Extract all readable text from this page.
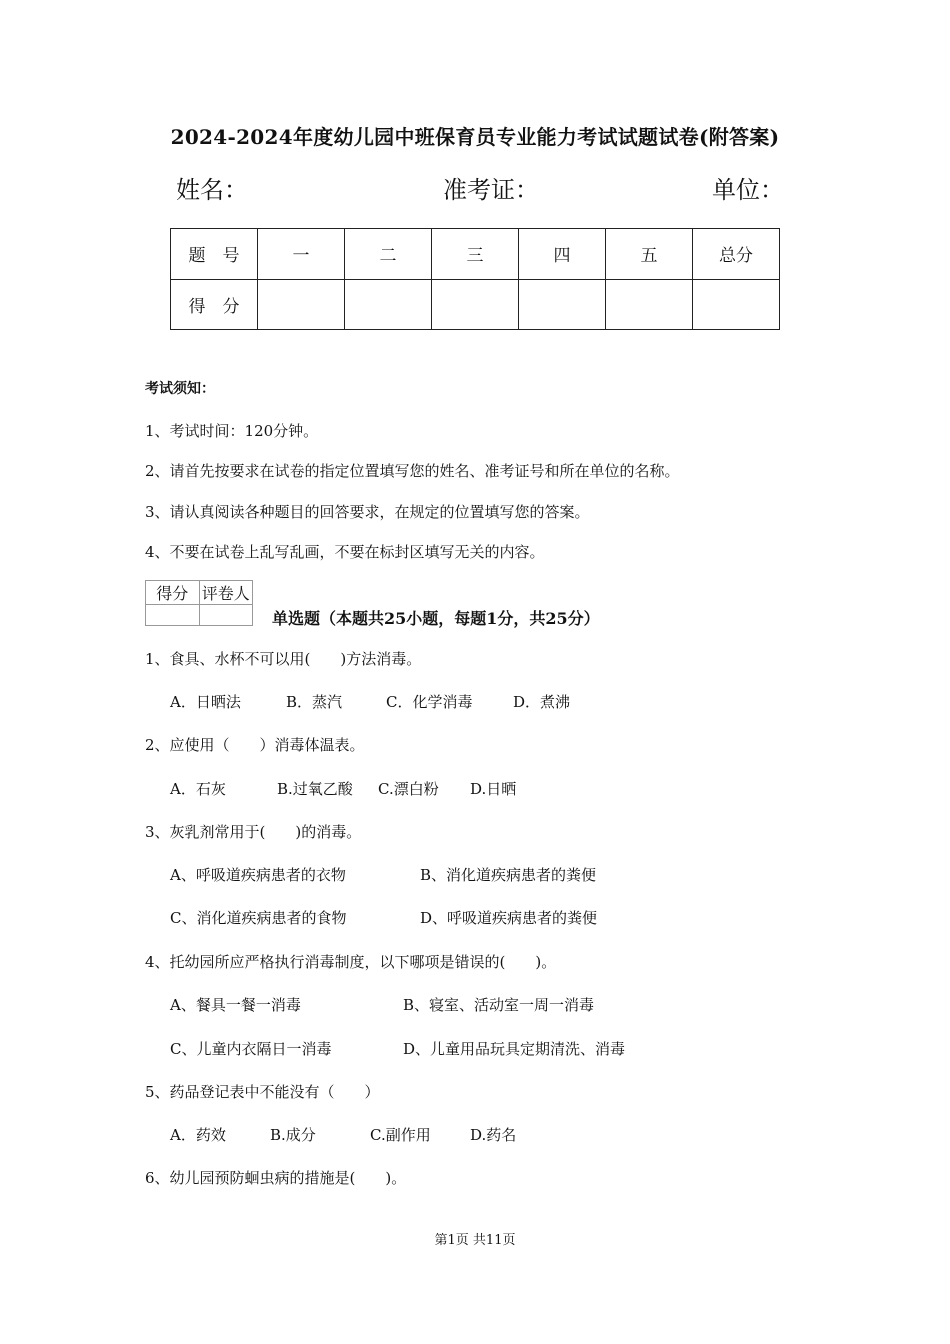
2024-2024年度幼儿园中班保育员专业能力考试试题试卷(附答案)
姓名：	准考证：	单位：
题　号	一	二	三	四	五	总分
得　分						
考试须知：
1、考试时间：120分钟。
2、请首先按要求在试卷的指定位置填写您的姓名、准考证号和所在单位的名称。
3、请认真阅读各种题目的回答要求，在规定的位置填写您的答案。
4、不要在试卷上乱写乱画，不要在标封区填写无关的内容。
得分	评卷人

单选题（本题共25小题，每题1分，共25分）
1、食具、水杯不可以用(　　)方法消毒。
A．日晒法	B．蒸汽	C．化学消毒	D．煮沸
2、应使用（　　）消毒体温表。
A．石灰	B.过氧乙酸 C.漂白粉 D.日晒
3、灰乳剂常用于(　　)的消毒。
A、呼吸道疾病患者的衣物	B、消化道疾病患者的粪便
C、消化道疾病患者的食物	D、呼吸道疾病患者的粪便
4、托幼园所应严格执行消毒制度，以下哪项是错误的(　　)。
A、餐具一餐一消毒	B、寝室、活动室一周一消毒
C、儿童内衣隔日一消毒	D、儿童用品玩具定期清洗、消毒
5、药品登记表中不能没有（　　）
A．药效	B.成分	C.副作用	D.药名
6、幼儿园预防蛔虫病的措施是(　　)。
第1页 共11页
